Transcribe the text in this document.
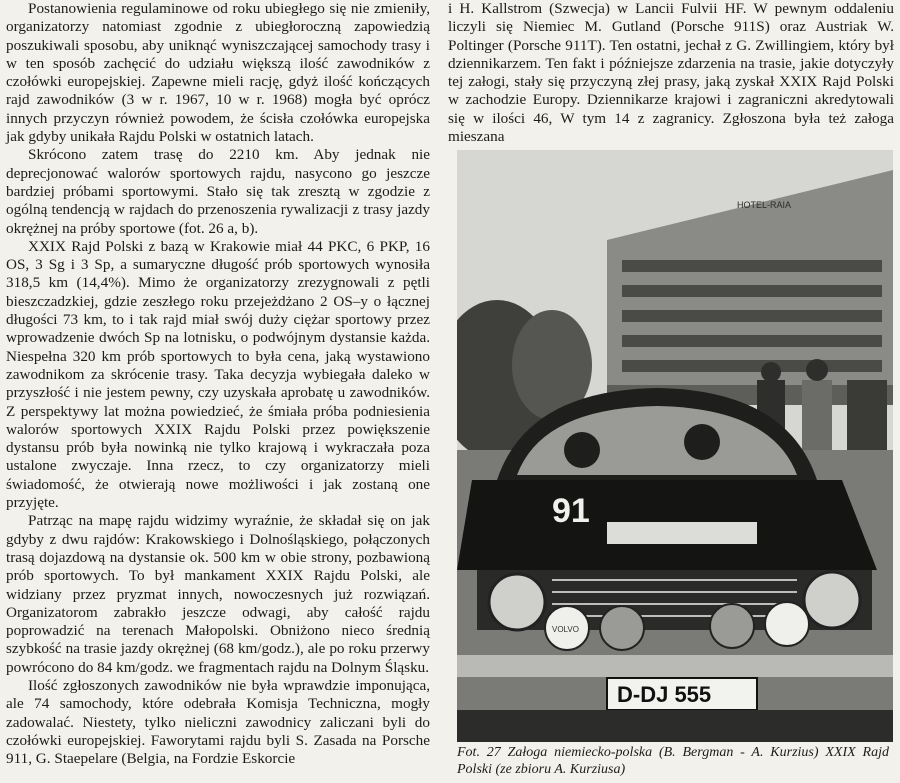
Postanowienia regulaminowe od roku ubiegłego się nie zmieniły, organizatorzy natomiast zgodnie z ubiegłoroczną zapowiedzią poszukiwali sposobu, aby uniknąć wyniszczającej samochody trasy i w ten sposób zachęcić do udziału większą ilość zawodników z czołówki europejskiej. Zapewne mieli rację, gdyż ilość kończących rajd zawodników (3 w r. 1967, 10 w r. 1968) mogła być oprócz innych przyczyn również powodem, że ścisła czołówka europejska jak gdyby unikała Rajdu Polski w ostatnich latach.

Skrócono zatem trasę do 2210 km. Aby jednak nie deprecjonować walorów sportowych rajdu, nasycono go jeszcze bardziej próbami sportowymi. Stało się tak zresztą w zgodzie z ogólną tendencją w rajdach do przenoszenia rywalizacji z trasy jazdy okrężnej na próby sportowe (fot. 26 a, b).

XXIX Rajd Polski z bazą w Krakowie miał 44 PKC, 6 PKP, 16 OS, 3 Sg i 3 Sp, a sumaryczne długość prób sportowych wynosiła 318,5 km (14,4%). Mimo że organizatorzy zrezygnowali z pętli bieszczadzkiej, gdzie zeszłego roku przejeżdżano 2 OS–y o łącznej długości 73 km, to i tak rajd miał swój duży ciężar sportowy przez wprowadzenie dwóch Sp na lotnisku, o podwójnym dystansie każda. Niespełna 320 km prób sportowych to była cena, jaką wystawiono zawodnikom za skrócenie trasy. Taka decyzja wybiegała daleko w przyszłość i nie jestem pewny, czy uzyskała aprobatę u zawodników. Z perspektywy lat można powiedzieć, że śmiała próba podniesienia walorów sportowych XXIX Rajdu Polski przez powiększenie dystansu prób była nowinką nie tylko krajową i wykraczała poza ustalone zwyczaje. Inna rzecz, to czy organizatorzy mieli świadomość, że otwierają nowe możliwości i jak zostaną one przyjęte.

Patrząc na mapę rajdu widzimy wyraźnie, że składał się on jak gdyby z dwu rajdów: Krakowskiego i Dolnośląskiego, połączonych trasą dojazdową na dystansie ok. 500 km w obie strony, pozbawioną prób sportowych. To był mankament XXIX Rajdu Polski, ale widziany przez pryzmat innych, nowoczesnych już rozwiązań. Organizatorom zabrakło jeszcze odwagi, aby całość rajdu poprowadzić na terenach Małopolski. Obniżono nieco średnią szybkość na trasie jazdy okrężnej (68 km/godz.), ale po roku przerwy powrócono do 84 km/godz. we fragmentach rajdu na Dolnym Śląsku.

Ilość zgłoszonych zawodników nie była wprawdzie imponująca, ale 74 samochody, które odebrała Komisja Techniczna, mogły zadowalać. Niestety, tylko nieliczni zawodnicy zaliczani byli do czołówki europejskiej. Faworytami rajdu byli S. Zasada na Porsche 911, G. Staepelare (Belgia, na Fordzie Eskorcie

i H. Kallstrom (Szwecja) w Lancii Fulvii HF. W pewnym oddaleniu liczyli się Niemiec M. Gutland (Porsche 911S) oraz Austriak W. Poltinger (Porsche 911T). Ten ostatni, jechał z G. Zwillingiem, który był dziennikarzem. Ten fakt i późniejsze zdarzenia na trasie, jakie dotyczyły tej załogi, stały się przyczyną złej prasy, jaką zyskał XXIX Rajd Polski w zachodzie Europy. Dziennikarze krajowi i zagraniczni akredytowali się w ilości 46, W tym 14 z zagranicy. Zgłoszona była też załoga mieszana

HOTEL-RAIA
91
VOLVO
D-DJ 555
Fot. 27 Załoga niemiecko-polska (B. Bergman - A. Kurzius) XXIX Rajd Polski (ze zbioru A. Kurziusa)
